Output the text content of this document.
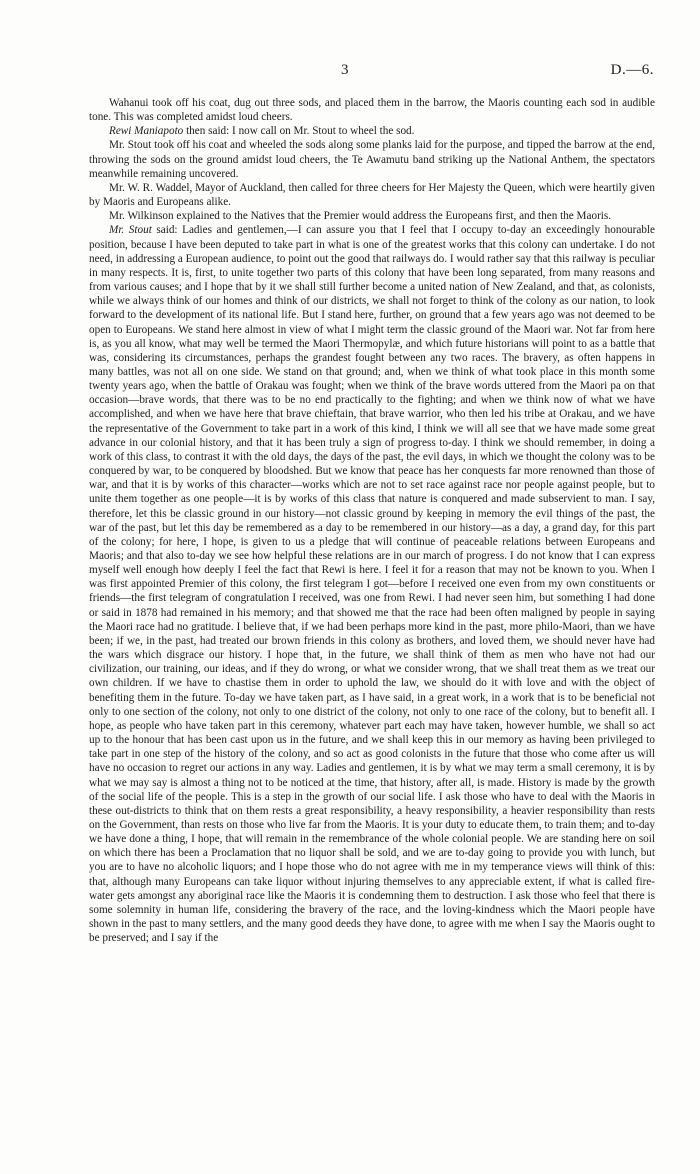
3	D.—6.

Wahanui took off his coat, dug out three sods, and placed them in the barrow, the Maoris counting each sod in audible tone. This was completed amidst loud cheers.

Rewi Maniapoto then said: I now call on Mr. Stout to wheel the sod.

Mr. Stout took off his coat and wheeled the sods along some planks laid for the purpose, and tipped the barrow at the end, throwing the sods on the ground amidst loud cheers, the Te Awamutu band striking up the National Anthem, the spectators meanwhile remaining uncovered.

Mr. W. R. Waddel, Mayor of Auckland, then called for three cheers for Her Majesty the Queen, which were heartily given by Maoris and Europeans alike.

Mr. Wilkinson explained to the Natives that the Premier would address the Europeans first, and then the Maoris.

Mr. Stout said: Ladies and gentlemen,—I can assure you that I feel that I occupy to-day an exceedingly honourable position, because I have been deputed to take part in what is one of the greatest works that this colony can undertake. I do not need, in addressing a European audience, to point out the good that railways do. I would rather say that this railway is peculiar in many respects. It is, first, to unite together two parts of this colony that have been long separated, from many reasons and from various causes; and I hope that by it we shall still further become a united nation of New Zealand, and that, as colonists, while we always think of our homes and think of our districts, we shall not forget to think of the colony as our nation, to look forward to the development of its national life. But I stand here, further, on ground that a few years ago was not deemed to be open to Europeans. We stand here almost in view of what I might term the classic ground of the Maori war. Not far from here is, as you all know, what may well be termed the Maori Thermopylæ, and which future historians will point to as a battle that was, considering its circumstances, perhaps the grandest fought between any two races. The bravery, as often happens in many battles, was not all on one side. We stand on that ground; and, when we think of what took place in this month some twenty years ago, when the battle of Orakau was fought; when we think of the brave words uttered from the Maori pa on that occasion—brave words, that there was to be no end practically to the fighting; and when we think now of what we have accomplished, and when we have here that brave chieftain, that brave warrior, who then led his tribe at Orakau, and we have the representative of the Government to take part in a work of this kind, I think we will all see that we have made some great advance in our colonial history, and that it has been truly a sign of progress to-day. I think we should remember, in doing a work of this class, to contrast it with the old days, the days of the past, the evil days, in which we thought the colony was to be conquered by war, to be conquered by bloodshed. But we know that peace has her conquests far more renowned than those of war, and that it is by works of this character—works which are not to set race against race nor people against people, but to unite them together as one people—it is by works of this class that nature is conquered and made subservient to man. I say, therefore, let this be classic ground in our history—not classic ground by keeping in memory the evil things of the past, the war of the past, but let this day be remembered as a day to be remembered in our history—as a day, a grand day, for this part of the colony; for here, I hope, is given to us a pledge that will continue of peaceable relations between Europeans and Maoris; and that also to-day we see how helpful these relations are in our march of progress. I do not know that I can express myself well enough how deeply I feel the fact that Rewi is here. I feel it for a reason that may not be known to you. When I was first appointed Premier of this colony, the first telegram I got—before I received one even from my own constituents or friends—the first telegram of congratulation I received, was one from Rewi. I had never seen him, but something I had done or said in 1878 had remained in his memory; and that showed me that the race had been often maligned by people in saying the Maori race had no gratitude. I believe that, if we had been perhaps more kind in the past, more philo-Maori, than we have been; if we, in the past, had treated our brown friends in this colony as brothers, and loved them, we should never have had the wars which disgrace our history. I hope that, in the future, we shall think of them as men who have not had our civilization, our training, our ideas, and if they do wrong, or what we consider wrong, that we shall treat them as we treat our own children. If we have to chastise them in order to uphold the law, we should do it with love and with the object of benefiting them in the future. To-day we have taken part, as I have said, in a great work, in a work that is to be beneficial not only to one section of the colony, not only to one district of the colony, not only to one race of the colony, but to benefit all. I hope, as people who have taken part in this ceremony, whatever part each may have taken, however humble, we shall so act up to the honour that has been cast upon us in the future, and we shall keep this in our memory as having been privileged to take part in one step of the history of the colony, and so act as good colonists in the future that those who come after us will have no occasion to regret our actions in any way. Ladies and gentlemen, it is by what we may term a small ceremony, it is by what we may say is almost a thing not to be noticed at the time, that history, after all, is made. History is made by the growth of the social life of the people. This is a step in the growth of our social life. I ask those who have to deal with the Maoris in these out-districts to think that on them rests a great responsibility, a heavy responsibility, a heavier responsibility than rests on the Government, than rests on those who live far from the Maoris. It is your duty to educate them, to train them; and to-day we have done a thing, I hope, that will remain in the remembrance of the whole colonial people. We are standing here on soil on which there has been a Proclamation that no liquor shall be sold, and we are to-day going to provide you with lunch, but you are to have no alcoholic liquors; and I hope those who do not agree with me in my temperance views will think of this: that, although many Europeans can take liquor without injuring themselves to any appreciable extent, if what is called fire-water gets amongst any aboriginal race like the Maoris it is condemning them to destruction. I ask those who feel that there is some solemnity in human life, considering the bravery of the race, and the loving-kindness which the Maori people have shown in the past to many settlers, and the many good deeds they have done, to agree with me when I say the Maoris ought to be preserved; and I say if the
